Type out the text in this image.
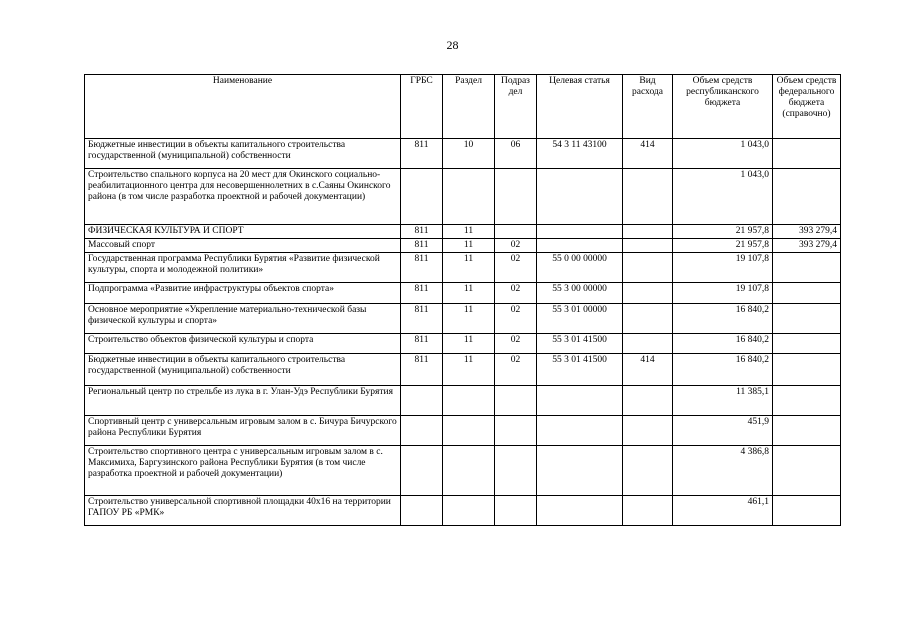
28
Наименование	ГРБС	Раздел	Подраз дел	Целевая статья	Вид расхода	Объем средств республиканского бюджета	Объем средств федерального бюджета (справочно)
Бюджетные инвестиции в объекты капитального строительства государственной (муниципальной) собственности	811	10	06	54 3 11 43100	414	1 043,0	
Строительство спального корпуса на 20 мест для Окинского социально-реабилитационного центра для несовершеннолетних в с.Саяны Окинского района (в том числе разработка проектной и рабочей документации)						1 043,0	
ФИЗИЧЕСКАЯ КУЛЬТУРА И СПОРТ	811	11				21 957,8	393 279,4
Массовый спорт	811	11	02			21 957,8	393 279,4
Государственная программа Республики Бурятия «Развитие физической культуры, спорта и молодежной политики»	811	11	02	55 0 00 00000		19 107,8	
Подпрограмма «Развитие инфраструктуры объектов спорта»	811	11	02	55 3 00 00000		19 107,8	
Основное мероприятие «Укрепление материально-технической базы физической культуры и спорта»	811	11	02	55 3 01 00000		16 840,2	
Строительство объектов физической культуры и спорта	811	11	02	55 3 01 41500		16 840,2	
Бюджетные инвестиции в объекты капитального строительства государственной (муниципальной) собственности	811	11	02	55 3 01 41500	414	16 840,2	
Региональный центр по стрельбе из лука в г. Улан-Удэ Республики Бурятия						11 385,1	
Спортивный центр с универсальным игровым залом в с. Бичура Бичурского района Республики Бурятия						451,9	
Строительство спортивного центра с универсальным игровым залом в с. Максимиха, Баргузинского района Республики Бурятия (в том числе разработка проектной и рабочей документации)						4 386,8	
Строительство универсальной спортивной площадки 40х16 на территории ГАПОУ РБ «РМК»						461,1	
